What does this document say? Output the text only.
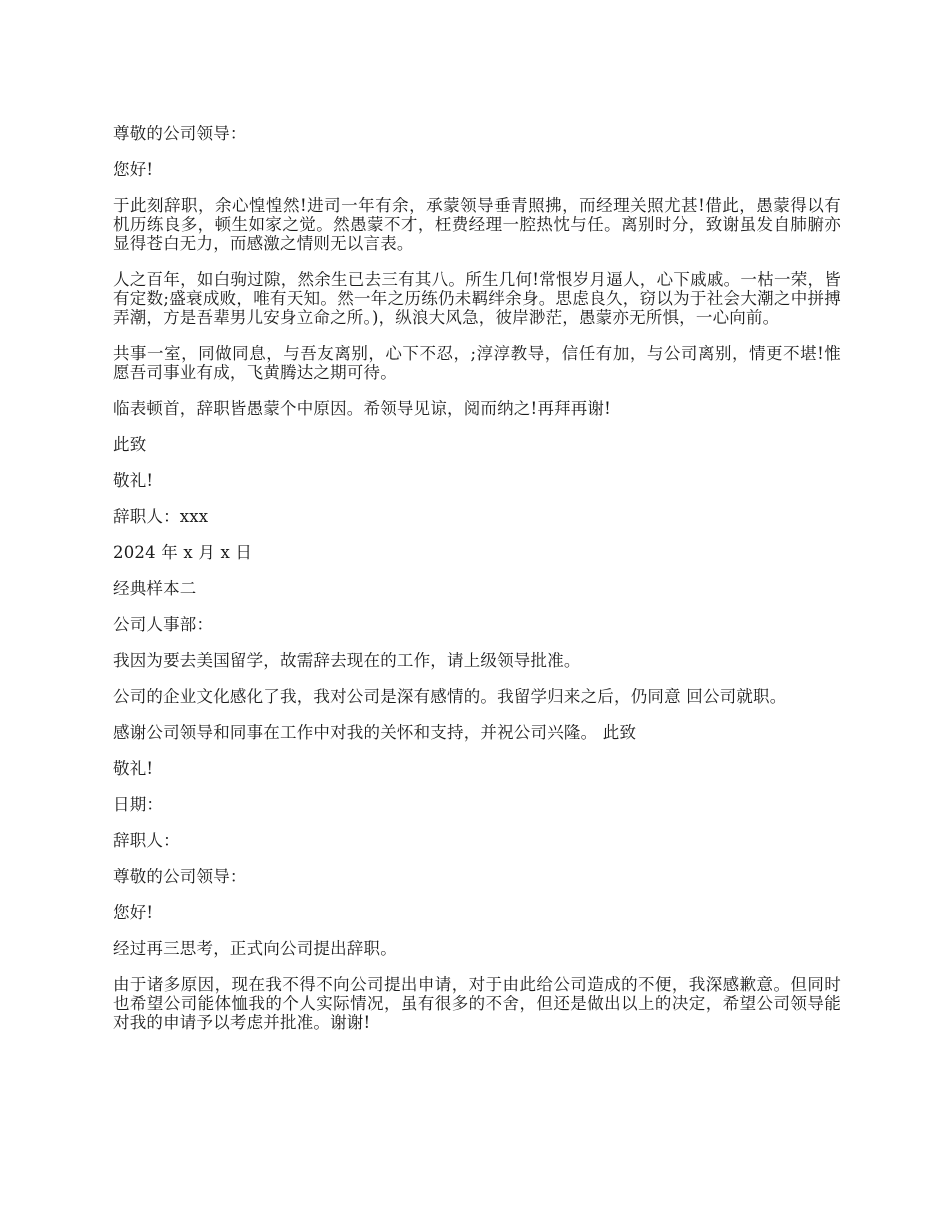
尊敬的公司领导：

您好!

于此刻辞职，余心惶惶然!进司一年有余，承蒙领导垂青照拂，而经理关照尤甚!借此，愚蒙得以有机历练良多，顿生如家之觉。然愚蒙不才，枉费经理一腔热忱与任。离别时分，致谢虽发自肺腑亦显得苍白无力，而感激之情则无以言表。

人之百年，如白驹过隙，然余生已去三有其八。所生几何!常恨岁月逼人，心下戚戚。一枯一荣，皆有定数;盛衰成败，唯有天知。然一年之历练仍未羁绊余身。思虑良久，窃以为于社会大潮之中拼搏弄潮，方是吾辈男儿安身立命之所。)，纵浪大风急，彼岸渺茫，愚蒙亦无所惧，一心向前。

共事一室，同做同息，与吾友离别，心下不忍，;淳淳教导，信任有加，与公司离别，情更不堪!惟愿吾司事业有成，飞黄腾达之期可待。

临表顿首，辞职皆愚蒙个中原因。希领导见谅，阅而纳之!再拜再谢!

此致

敬礼!

辞职人：xxx

2024 年 x 月 x 日

经典样本二

公司人事部：

我因为要去美国留学，故需辞去现在的工作，请上级领导批准。

公司的企业文化感化了我，我对公司是深有感情的。我留学归来之后，仍同意 回公司就职。

感谢公司领导和同事在工作中对我的关怀和支持，并祝公司兴隆。 此致

敬礼!

日期：

辞职人：

尊敬的公司领导：

您好!

经过再三思考，正式向公司提出辞职。

由于诸多原因，现在我不得不向公司提出申请，对于由此给公司造成的不便，我深感歉意。但同时也希望公司能体恤我的个人实际情况，虽有很多的不舍，但还是做出以上的决定，希望公司领导能对我的申请予以考虑并批准。谢谢!
